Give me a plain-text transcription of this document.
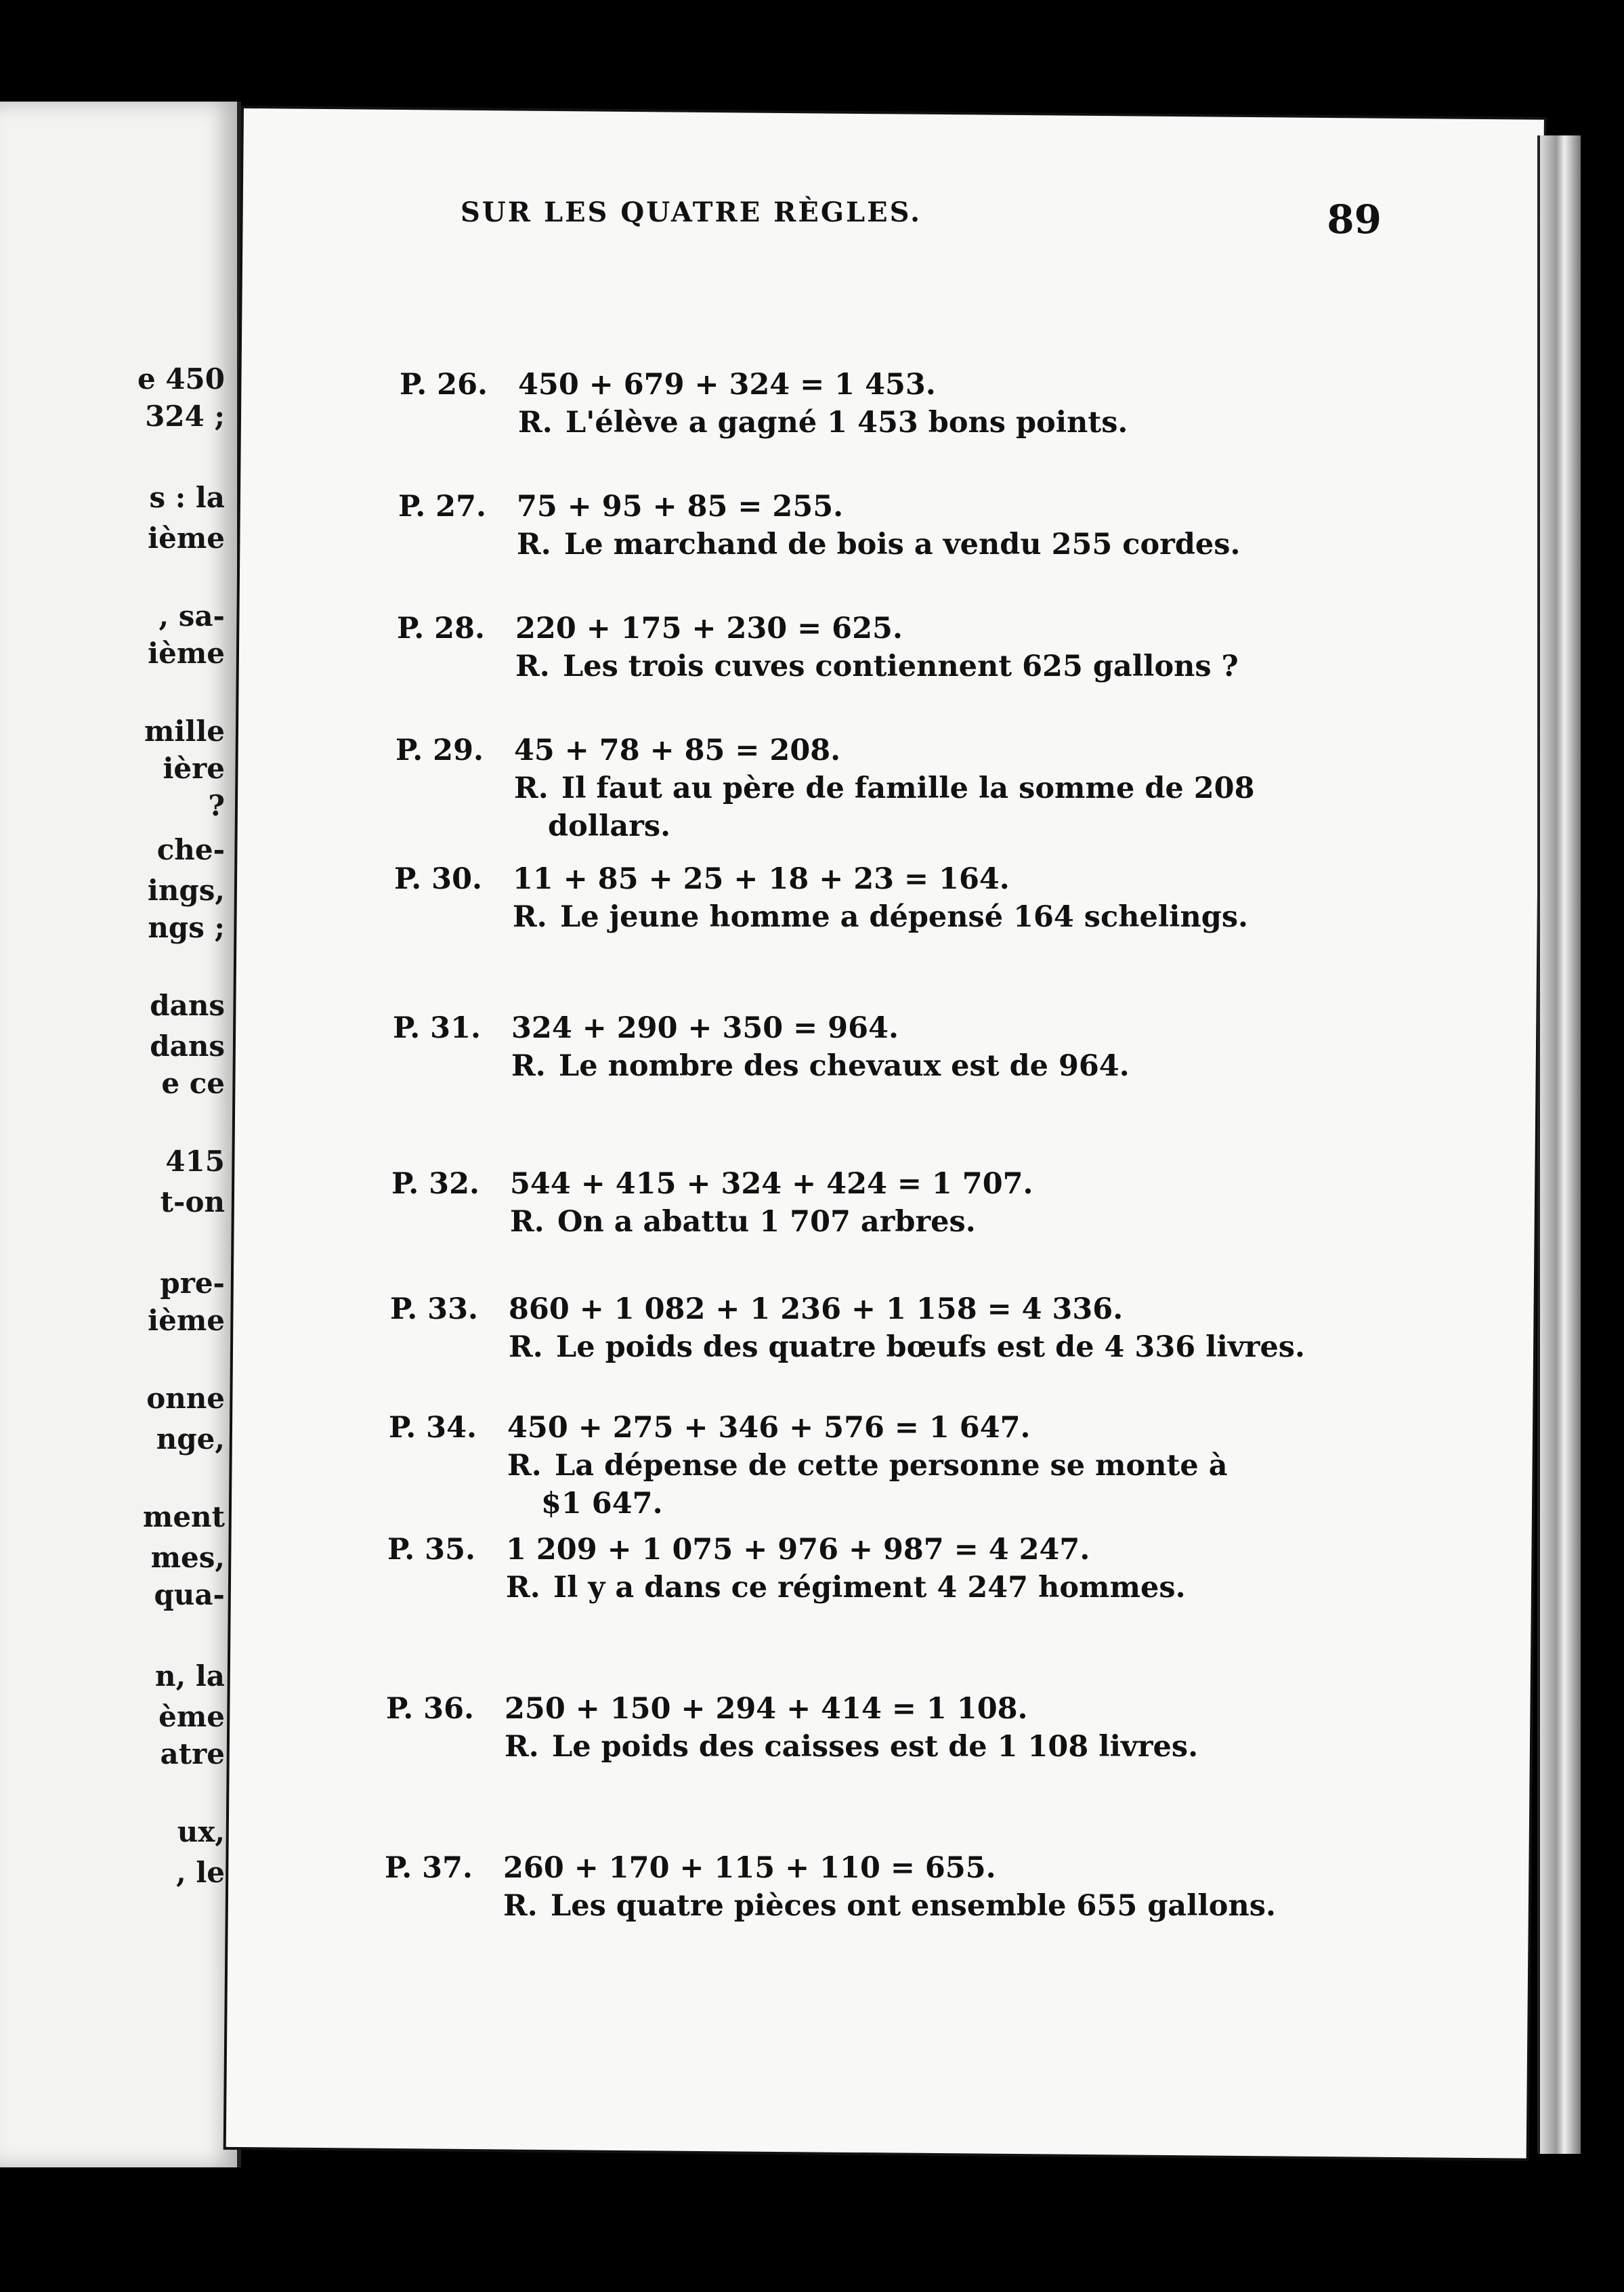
e 450
324 ;
s : la
ième
, sa-
ième
mille
ière
?
che-
ings,
ngs ;
dans
dans
e ce
415
t-on
pre-
ième
onne
nge,
ment
mes,
qua-
n, la
ème
atre
ux,
, le
SUR LES QUATRE RÈGLES.	89
P. 26.	450 + 679 + 324 = 1 453.
R. L'élève a gagné 1 453 bons points.
P. 27.	75 + 95 + 85 = 255.
R. Le marchand de bois a vendu 255 cordes.
P. 28.	220 + 175 + 230 = 625.
R. Les trois cuves contiennent 625 gallons ?
P. 29.	45 + 78 + 85 = 208.
R. Il faut au père de famille la somme de 208
dollars.
P. 30.	11 + 85 + 25 + 18 + 23 = 164.
R. Le jeune homme a dépensé 164 schelings.
P. 31.	324 + 290 + 350 = 964.
R. Le nombre des chevaux est de 964.
P. 32.	544 + 415 + 324 + 424 = 1 707.
R. On a abattu 1 707 arbres.
P. 33.	860 + 1 082 + 1 236 + 1 158 = 4 336.
R. Le poids des quatre bœufs est de 4 336 livres.
P. 34.	450 + 275 + 346 + 576 = 1 647.
R. La dépense de cette personne se monte à
$1 647.
P. 35.	1 209 + 1 075 + 976 + 987 = 4 247.
R. Il y a dans ce régiment 4 247 hommes.
P. 36.	250 + 150 + 294 + 414 = 1 108.
R. Le poids des caisses est de 1 108 livres.
P. 37.	260 + 170 + 115 + 110 = 655.
R. Les quatre pièces ont ensemble 655 gallons.
